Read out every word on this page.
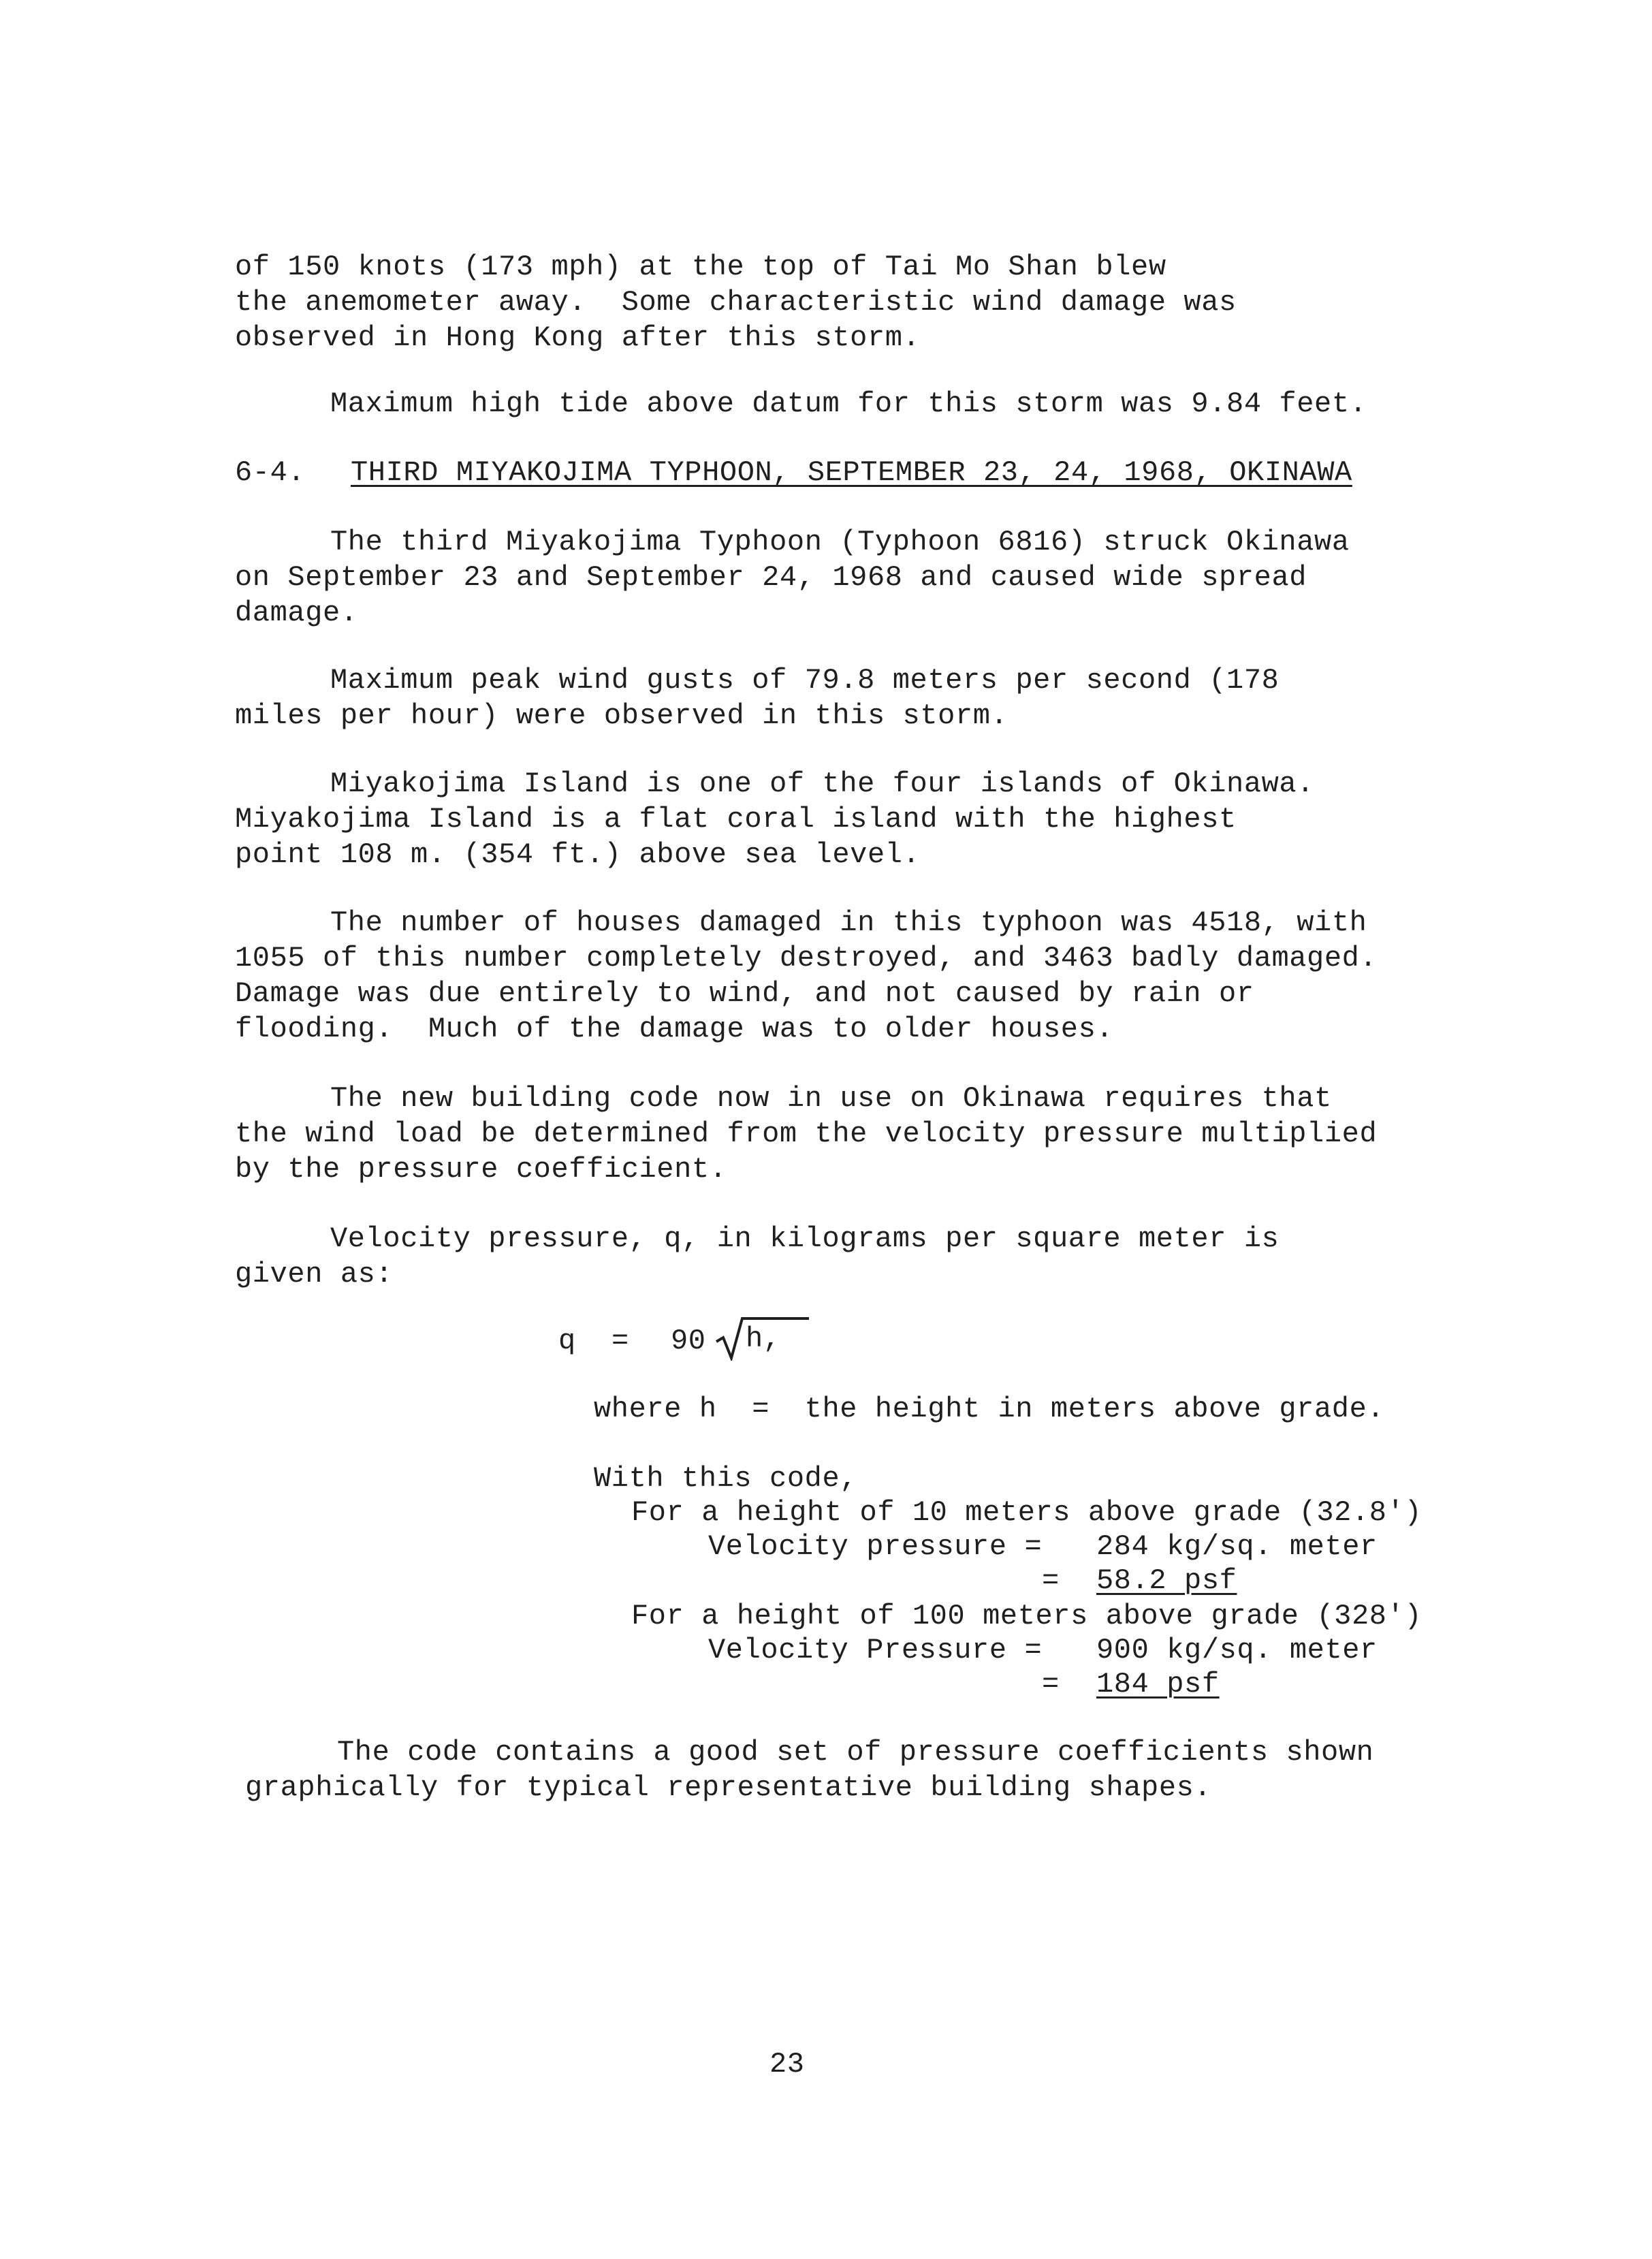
of 150 knots (173 mph) at the top of Tai Mo Shan blew
the anemometer away.  Some characteristic wind damage was
observed in Hong Kong after this storm.
Maximum high tide above datum for this storm was 9.84 feet.
6-4. THIRD MIYAKOJIMA TYPHOON, SEPTEMBER 23, 24, 1968, OKINAWA
The third Miyakojima Typhoon (Typhoon 6816) struck Okinawa
on September 23 and September 24, 1968 and caused wide spread
damage.
Maximum peak wind gusts of 79.8 meters per second (178
miles per hour) were observed in this storm.
Miyakojima Island is one of the four islands of Okinawa.
Miyakojima Island is a flat coral island with the highest
point 108 m. (354 ft.) above sea level.
The number of houses damaged in this typhoon was 4518, with
1055 of this number completely destroyed, and 3463 badly damaged.
Damage was due entirely to wind, and not caused by rain or
flooding.  Much of the damage was to older houses.
The new building code now in use on Okinawa requires that
the wind load be determined from the velocity pressure multiplied
by the pressure coefficient.
Velocity pressure, q, in kilograms per square meter is
given as:
q = 90 h,
where h  =  the height in meters above grade.
With this code,
For a height of 10 meters above grade (32.8')
Velocity pressure = 284 kg/sq. meter
= 58.2 psf
For a height of 100 meters above grade (328')
Velocity Pressure = 900 kg/sq. meter
= 184 psf
The code contains a good set of pressure coefficients shown
graphically for typical representative building shapes.
23
